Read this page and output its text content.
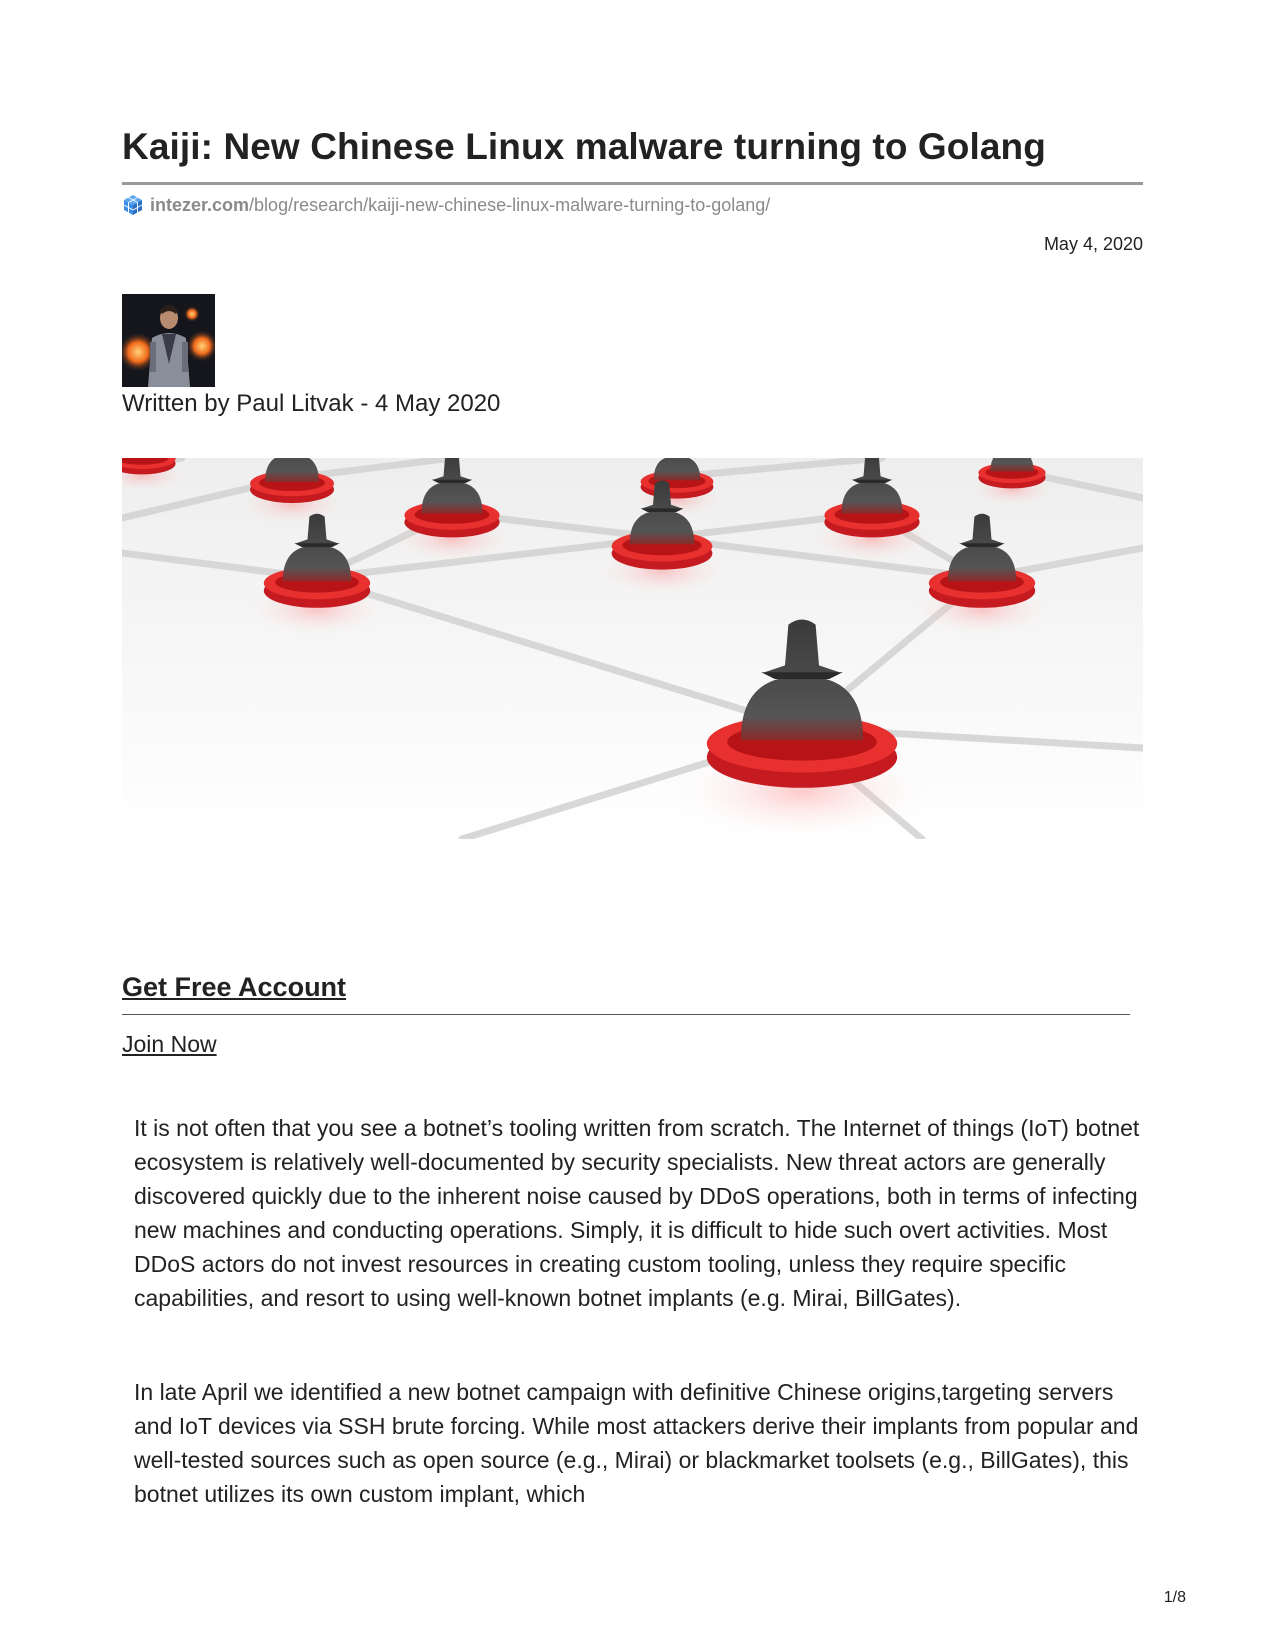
Kaiji: New Chinese Linux malware turning to Golang
intezer.com /blog/research/kaiji-new-chinese-linux-malware-turning-to-golang/
May 4, 2020
Written by Paul Litvak - 4 May 2020
Get Free Account
Join Now

It is not often that you see a botnet’s tooling written from scratch. The Internet of things (IoT) botnet ecosystem is relatively well-documented by security specialists. New threat actors are generally discovered quickly due to the inherent noise caused by DDoS operations, both in terms of infecting new machines and conducting operations. Simply, it is difficult to hide such overt activities. Most DDoS actors do not invest resources in creating custom tooling, unless they require specific capabilities, and resort to using well-known botnet implants (e.g. Mirai, BillGates).

In late April we identified a new botnet campaign with definitive Chinese origins,targeting servers and IoT devices via SSH brute forcing. While most attackers derive their implants from popular and well-tested sources such as open source (e.g., Mirai) or blackmarket toolsets (e.g., BillGates), this botnet utilizes its own custom implant, which

1/8
